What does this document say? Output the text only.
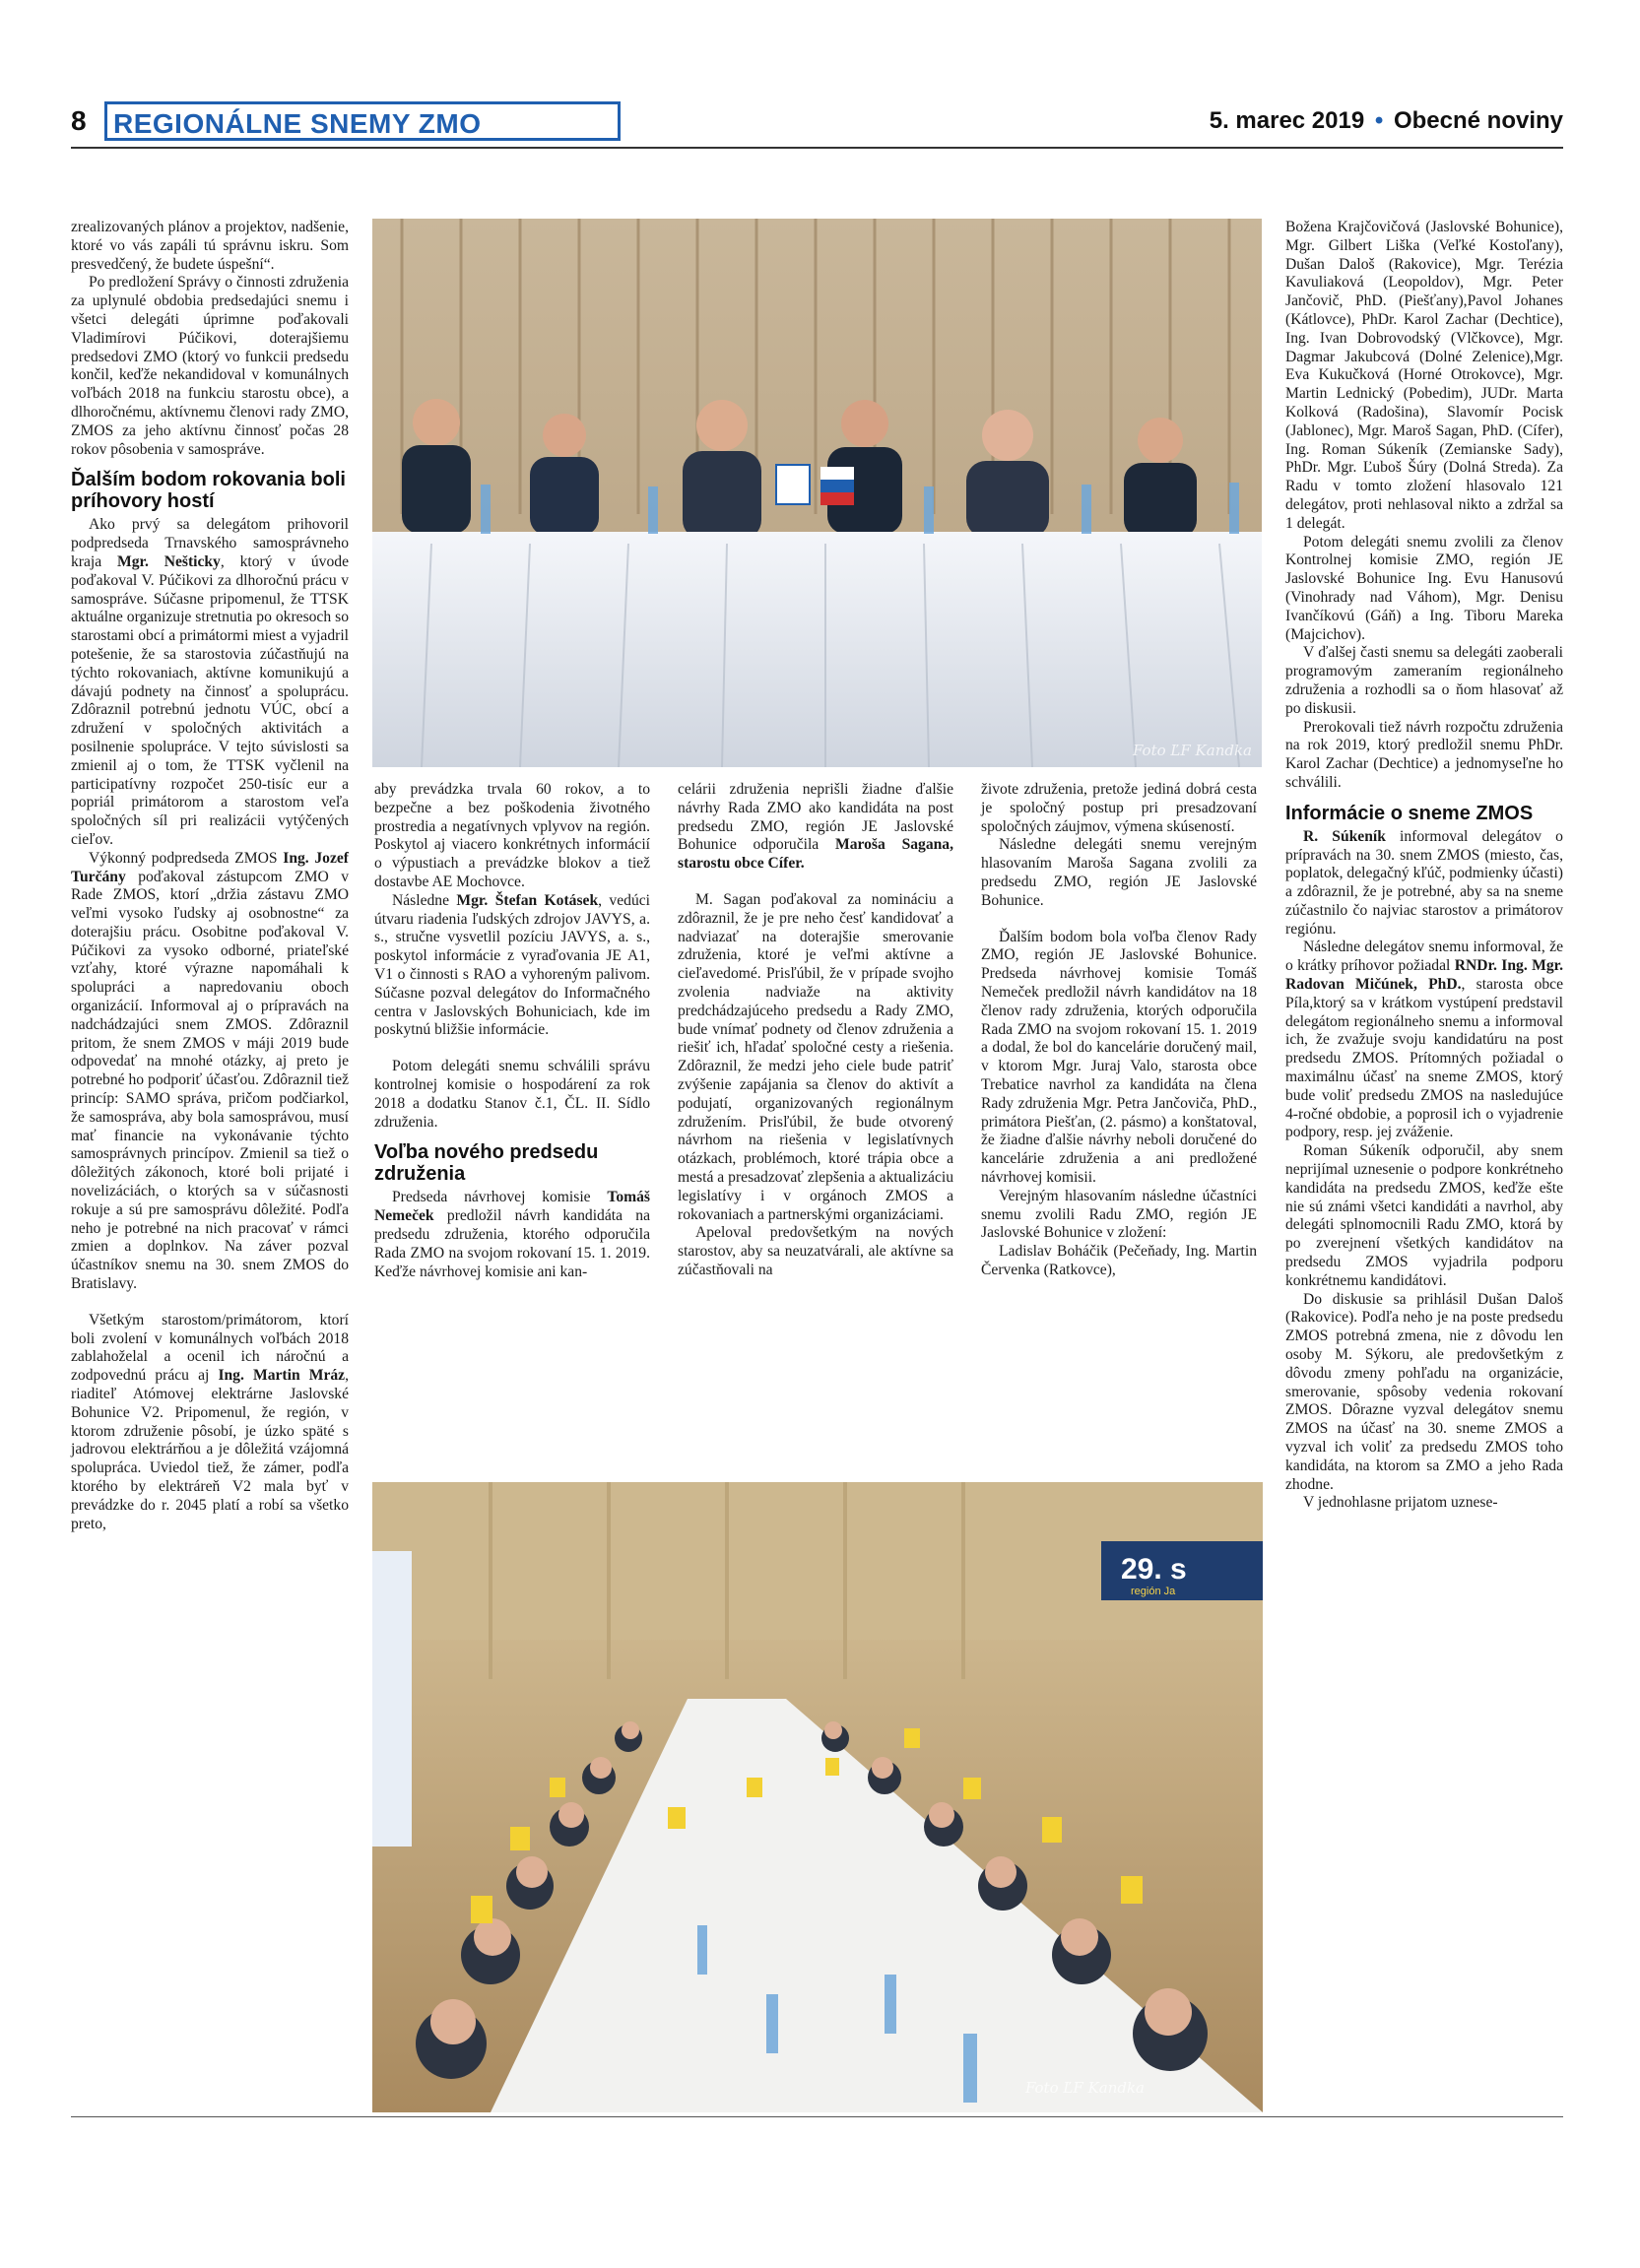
8 REGIONÁLNE SNEMY ZMO	5. marec 2019 • Obecné noviny
Foto ĽF Kandka
29. s
región Ja
Foto ĽF Kandka

zrealizovaných plánov a projektov, nadšenie, ktoré vo vás zapáli tú správnu iskru. Som presvedčený, že budete úspešní“.

Po predložení Správy o činnosti združenia za uplynulé obdobia predsedajúci snemu i všetci delegáti úprimne poďakovali Vladimírovi Púčikovi, doterajšiemu predsedovi ZMO (ktorý vo funkcii predsedu končil, keďže nekandidoval v komunálnych voľbách 2018 na funkciu starostu obce), a dlhoročnému, aktívnemu členovi rady ZMO, ZMOS za jeho aktívnu činnosť počas 28 rokov pôsobenia v samospráve.

Ďalším bodom rokovania boli príhovory hostí

Ako prvý sa delegátom prihovoril podpredseda Trnavského samosprávneho kraja Mgr. Nešticky, ktorý v úvode poďakoval V. Púčikovi za dlhoročnú prácu v samospráve. Súčasne pripomenul, že TTSK aktuálne organizuje stretnutia po okresoch so starostami obcí a primátormi miest a vyjadril potešenie, že sa starostovia zúčastňujú na týchto rokovaniach, aktívne komunikujú a dávajú podnety na činnosť a spoluprácu. Zdôraznil potrebnú jednotu VÚC, obcí a združení v spoločných aktivitách a posilnenie spolupráce. V tejto súvislosti sa zmienil aj o tom, že TTSK vyčlenil na participatívny rozpočet 250-tisíc eur a popriál primátorom a starostom veľa spoločných síl pri realizácii vytýčených cieľov.

Výkonný podpredseda ZMOS Ing. Jozef Turčány poďakoval zástupcom ZMO v Rade ZMOS, ktorí „držia zástavu ZMO veľmi vysoko ľudsky aj osobnostne“ za doterajšiu prácu. Osobitne poďakoval V. Púčikovi za vysoko odborné, priateľské vzťahy, ktoré výrazne napomáhali k spolupráci a napredovaniu oboch organizácií. Informoval aj o prípravách na nadchádzajúci snem ZMOS. Zdôraznil pritom, že snem ZMOS v máji 2019 bude odpovedať na mnohé otázky, aj preto je potrebné ho podporiť účasťou. Zdôraznil tiež princíp: SAMO správa, pričom podčiarkol, že samospráva, aby bola samosprávou, musí mať financie na vykonávanie týchto samosprávnych princípov. Zmienil sa tiež o dôležitých zákonoch, ktoré boli prijaté i novelizáciách, o ktorých sa v súčasnosti rokuje a sú pre samosprávu dôležité. Podľa neho je potrebné na nich pracovať v rámci zmien a doplnkov. Na záver pozval účastníkov snemu na 30. snem ZMOS do Bratislavy.

Všetkým starostom/primátorom, ktorí boli zvolení v komunálnych voľbách 2018 zablahoželal a ocenil ich náročnú a zodpovednú prácu aj Ing. Martin Mráz, riaditeľ Atómovej elektrárne Jaslovské Bohunice V2. Pripomenul, že región, v ktorom združenie pôsobí, je úzko späté s jadrovou elektrárňou a je dôležitá vzájomná spolupráca. Uviedol tiež, že zámer, podľa ktorého by elektráreň V2 mala byť v prevádzke do r. 2045 platí a robí sa všetko preto,

aby prevádzka trvala 60 rokov, a to bezpečne a bez poškodenia životného prostredia a negatívnych vplyvov na región. Poskytol aj viacero konkrétnych informácií o výpustiach a prevádzke blokov a tiež dostavbe AE Mochovce.

Následne Mgr. Štefan Kotásek, vedúci útvaru riadenia ľudských zdrojov JAVYS, a. s., stručne vysvetlil pozíciu JAVYS, a. s., poskytol informácie z vyraďovania JE A1, V1 o činnosti s RAO a vyhoreným palivom. Súčasne pozval delegátov do Informačného centra v Jaslovských Bohuniciach, kde im poskytnú bližšie informácie.

Potom delegáti snemu schválili správu kontrolnej komisie o hospodárení za rok 2018 a dodatku Stanov č.1, ČL. II. Sídlo združenia.

Voľba nového predsedu združenia

Predseda návrhovej komisie Tomáš Nemeček predložil návrh kandidáta na predsedu združenia, ktorého odporučila Rada ZMO na svojom rokovaní 15. 1. 2019. Keďže návrhovej komisie ani kan-

celárii združenia neprišli žiadne ďalšie návrhy Rada ZMO ako kandidáta na post predsedu ZMO, región JE Jaslovské Bohunice odporučila Maroša Sagana, starostu obce Cífer.

M. Sagan poďakoval za nomináciu a zdôraznil, že je pre neho česť kandidovať a nadviazať na doterajšie smerovanie združenia, ktoré je veľmi aktívne a cieľavedomé. Prisľúbil, že v prípade svojho zvolenia nadviaže na aktivity predchádzajúceho predsedu a Rady ZMO, bude vnímať podnety od členov združenia a riešiť ich, hľadať spoločné cesty a riešenia. Zdôraznil, že medzi jeho ciele bude patriť zvýšenie zapájania sa členov do aktivít a podujatí, organizovaných regionálnym združením. Prisľúbil, že bude otvorený návrhom na riešenia v legislatívnych otázkach, problémoch, ktoré trápia obce a mestá a presadzovať zlepšenia a aktualizáciu legislatívy i v orgánoch ZMOS a rokovaniach a partnerskými organizáciami.

Apeloval predovšetkým na nových starostov, aby sa neuzatvárali, ale aktívne sa zúčastňovali na

živote združenia, pretože jediná dobrá cesta je spoločný postup pri presadzovaní spoločných záujmov, výmena skúseností.

Následne delegáti snemu verejným hlasovaním Maroša Sagana zvolili za predsedu ZMO, región JE Jaslovské Bohunice.

Ďalším bodom bola voľba členov Rady ZMO, región JE Jaslovské Bohunice. Predseda návrhovej komisie Tomáš Nemeček predložil návrh kandidátov na 18 členov rady združenia, ktorých odporučila Rada ZMO na svojom rokovaní 15. 1. 2019 a dodal, že bol do kancelárie doručený mail, v ktorom Mgr. Juraj Valo, starosta obce Trebatice navrhol za kandidáta na člena Rady združenia Mgr. Petra Jančoviča, PhD., primátora Piešťan, (2. pásmo) a konštatoval, že žiadne ďalšie návrhy neboli doručené do kancelárie združenia a ani predložené návrhovej komisii.

Verejným hlasovaním následne účastníci snemu zvolili Radu ZMO, región JE Jaslovské Bohunice v zložení:

Ladislav Boháčik (Pečeňady, Ing. Martin Červenka (Ratkovce),

Božena Krajčovičová (Jaslovské Bohunice), Mgr. Gilbert Liška (Veľké Kostoľany), Dušan Daloš (Rakovice), Mgr. Terézia Kavuliaková (Leopoldov), Mgr. Peter Jančovič, PhD. (Piešťany),Pavol Johanes (Kátlovce), PhDr. Karol Zachar (Dechtice), Ing. Ivan Dobrovodský (Vlčkovce), Mgr. Dagmar Jakubcová (Dolné Zelenice),Mgr. Eva Kukučková (Horné Otrokovce), Mgr. Martin Lednický (Pobedim), JUDr. Marta Kolková (Radošina), Slavomír Pocisk (Jablonec), Mgr. Maroš Sagan, PhD. (Cífer), Ing. Roman Súkeník (Zemianske Sady), PhDr. Mgr. Ľuboš Šúry (Dolná Streda). Za Radu v tomto zložení hlasovalo 121 delegátov, proti nehlasoval nikto a zdržal sa 1 delegát.

Potom delegáti snemu zvolili za členov Kontrolnej komisie ZMO, región JE Jaslovské Bohunice Ing. Evu Hanusovú (Vinohrady nad Váhom), Mgr. Denisu Ivančíkovú (Gáň) a Ing. Tiboru Mareka (Majcichov).

V ďalšej časti snemu sa delegáti zaoberali programovým zameraním regionálneho združenia a rozhodli sa o ňom hlasovať až po diskusii.

Prerokovali tiež návrh rozpočtu združenia na rok 2019, ktorý predložil snemu PhDr. Karol Zachar (Dechtice) a jednomyseľne ho schválili.

Informácie o sneme ZMOS

R. Súkeník informoval delegátov o prípravách na 30. snem ZMOS (miesto, čas, poplatok, delegačný kľúč, podmienky účasti) a zdôraznil, že je potrebné, aby sa na sneme zúčastnilo čo najviac starostov a primátorov regiónu.

Následne delegátov snemu informoval, že o krátky príhovor požiadal RNDr. Ing. Mgr. Radovan Mičúnek, PhD., starosta obce Píla,ktorý sa v krátkom vystúpení predstavil delegátom regionálneho snemu a informoval ich, že zvažuje svoju kandidatúru na post predsedu ZMOS. Prítomných požiadal o maximálnu účasť na sneme ZMOS, ktorý bude voliť predsedu ZMOS na nasledujúce 4-ročné obdobie, a poprosil ich o vyjadrenie podpory, resp. jej zváženie.

Roman Súkeník odporučil, aby snem neprijímal uznesenie o podpore konkrétneho kandidáta na predsedu ZMOS, keďže ešte nie sú známi všetci kandidáti a navrhol, aby delegáti splnomocnili Radu ZMO, ktorá by po zverejnení všetkých kandidátov na predsedu ZMOS vyjadrila podporu konkrétnemu kandidátovi.

Do diskusie sa prihlásil Dušan Daloš (Rakovice). Podľa neho je na poste predsedu ZMOS potrebná zmena, nie z dôvodu len osoby M. Sýkoru, ale predovšetkým z dôvodu zmeny pohľadu na organizácie, smerovanie, spôsoby vedenia rokovaní ZMOS. Dôrazne vyzval delegátov snemu ZMOS na účasť na 30. sneme ZMOS a vyzval ich voliť za predsedu ZMOS toho kandidáta, na ktorom sa ZMO a jeho Rada zhodne.

V jednohlasne prijatom uznese-
